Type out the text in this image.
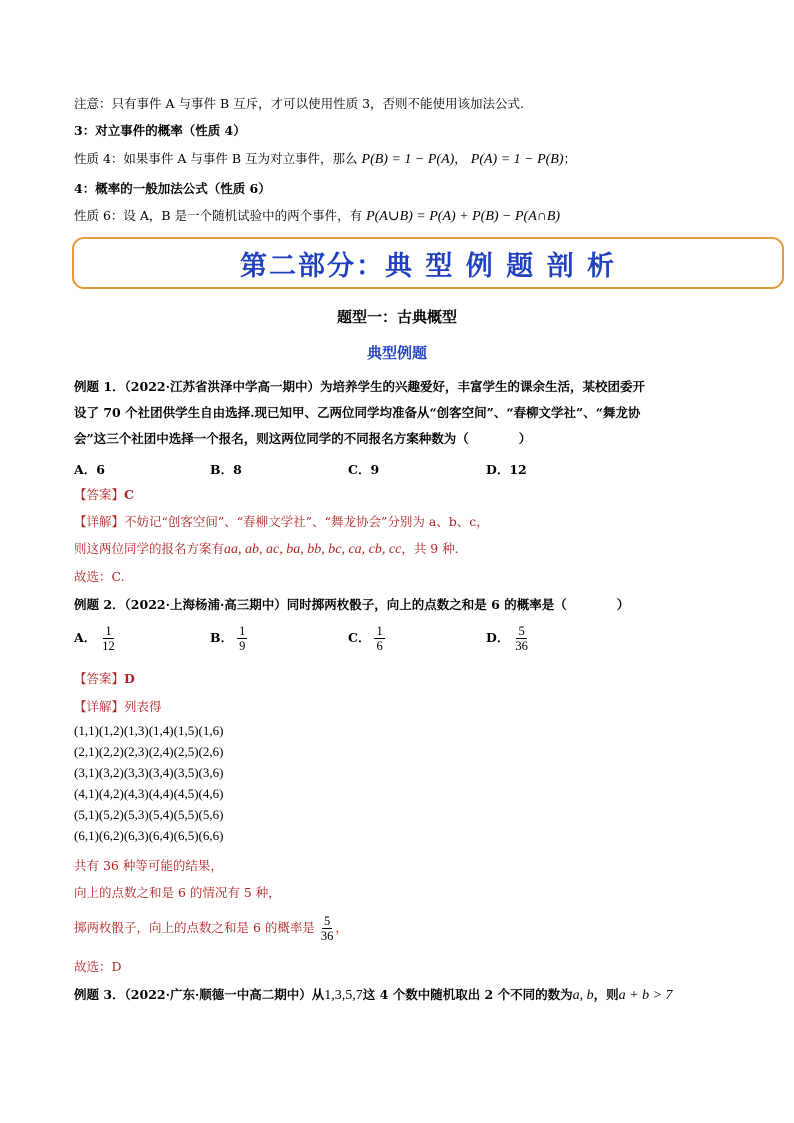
注意：只有事件 A 与事件 B 互斥，才可以使用性质 3，否则不能使用该加法公式.
3：对立事件的概率（性质 4）
性质 4：如果事件 A 与事件 B 互为对立事件，那么 P(B) = 1 − P(A)， P(A) = 1 − P(B)；
4：概率的一般加法公式（性质 6）
性质 6：设 A，B 是一个随机试验中的两个事件，有 P(A∪B) = P(A) + P(B) − P(A∩B)
第二部分：典 型 例 题 剖 析
题型一：古典概型
典型例题
例题 1．（2022·江苏省洪泽中学高一期中）为培养学生的兴趣爱好，丰富学生的课余生活，某校团委开
设了 70 个社团供学生自由选择.现已知甲、乙两位同学均准备从“创客空间”、“春柳文学社”、“舞龙协
会”这三个社团中选择一个报名，则这两位同学的不同报名方案种数为（　　　　）
A．6	B．8	C．9	D．12
【答案】C
【详解】不妨记“创客空间”、“春柳文学社”、“舞龙协会”分别为 a、b、c，
则这两位同学的报名方案有aa, ab, ac, ba, bb, bc, ca, cb, cc，共 9 种.
故选：C.
例题 2．（2022·上海杨浦·高三期中）同时掷两枚骰子，向上的点数之和是 6 的概率是（　　　　）
A． $\frac{1}{12}$	B． $\frac{1}{9}$	C． $\frac{1}{6}$	D． $\frac{5}{36}$
【答案】D
【详解】列表得
(1,1)(1,2)(1,3)(1,4)(1,5)(1,6)
(2,1)(2,2)(2,3)(2,4)(2,5)(2,6)
(3,1)(3,2)(3,3)(3,4)(3,5)(3,6)
(4,1)(4,2)(4,3)(4,4)(4,5)(4,6)
(5,1)(5,2)(5,3)(5,4)(5,5)(5,6)
(6,1)(6,2)(6,3)(6,4)(6,5)(6,6)
共有 36 种等可能的结果，
向上的点数之和是 6 的情况有 5 种，
掷两枚骰子，向上的点数之和是 6 的概率是 $\frac{5}{36}$ ，
故选：D
例题 3．（2022·广东·顺德一中高二期中）从1,3,5,7这 4 个数中随机取出 2 个不同的数为a, b，则a + b > 7
